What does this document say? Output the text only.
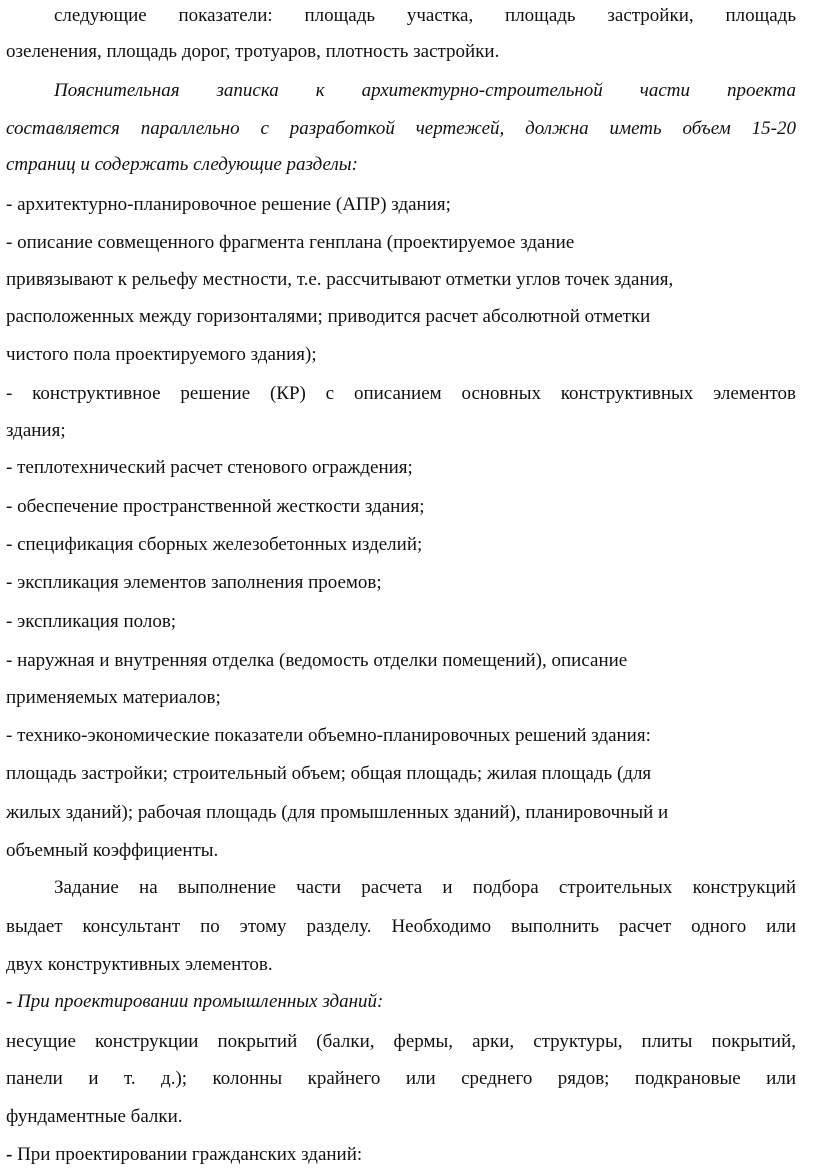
следующие показатели: площадь участка, площадь застройки, площадь
озеленения, площадь дорог, тротуаров, плотность застройки.
Пояснительная записка к архитектурно-строительной части проекта
составляется параллельно с разработкой чертежей, должна иметь объем 15-20
страниц и содержать следующие разделы:
- архитектурно-планировочное решение (АПР) здания;
- описание совмещенного фрагмента генплана (проектируемое здание
привязывают к рельефу местности, т.е. рассчитывают отметки углов точек здания,
расположенных между горизонталями; приводится расчет абсолютной отметки
чистого пола проектируемого здания);
- конструктивное решение (КР) с описанием основных конструктивных элементов
здания;
- теплотехнический расчет стенового ограждения;
- обеспечение пространственной жесткости здания;
- спецификация сборных железобетонных изделий;
- экспликация элементов заполнения проемов;
- экспликация полов;
- наружная и внутренняя отделка (ведомость отделки помещений), описание
применяемых материалов;
- технико-экономические показатели объемно-планировочных решений здания:
площадь застройки; строительный объем; общая площадь; жилая площадь (для
жилых зданий); рабочая площадь (для промышленных зданий), планировочный и
объемный коэффициенты.
Задание на выполнение части расчета и подбора строительных конструкций
выдает консультант по этому разделу. Необходимо выполнить расчет одного или
двух конструктивных элементов.
- При проектировании промышленных зданий:
несущие конструкции покрытий (балки, фермы, арки, структуры, плиты покрытий,
панели и т. д.); колонны крайнего или среднего рядов; подкрановые или
фундаментные балки.
- При проектировании гражданских зданий:
